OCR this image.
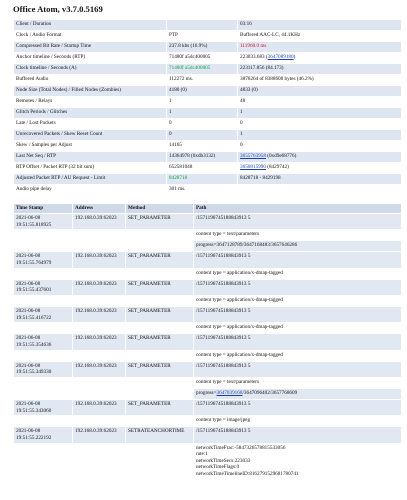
Office Atom, v3.7.0.5169
Client / Duration		03:16
Clock / Audio Format	PTP	Buffered AAC-LC, 44.1KHz
Compressed Bit Rate / Startup Time	237.8 kbs (16.9%)	111960.0 ms
Anchor timeline / Seconds (RTP)	71480f a5dc400005	223033.683 (3647089180)
Clock timeline / Seconds (A)	71480f a5dc400005	223117.856 (84.173)
Buffered Audio	112272 ms.	3876264 of 8388608 bytes (46.2%)
Node Size (Total Nodes) / Filled Nodes (Zombies)	4180 (0)	4833 (0)
Remotes / Relays	1	48
Glitch Periods / Glitches	1	1
Late / Lost Packets	0	0
Unrecovered Packets / Skew Reset Count	0	1
Skew / Samples per Adjust	14165	0
Last Net Seq / RTP	14364978 (0xdb3132)	3655763958 (0xd9e68776)
RTP Offset / Packet RTP (32 bit sum)	652581048	3650815990 (8429742)
Adjusted Packet RTP / AU Request - Limit	8428718	8428718 - 8429198
Audio pipe delay	301 ms.	
Time Stamp	Address	Method	Path

2021-06-08
19:51:55.818925	192.168.0.39:62023	SET_PARAMETER	/1571196745188843913 5
			content type = text/parameters
			progress=3647128789/3647168483/3657646286

2021-06-08
19:51:55.764979	192.168.0.39:62023	SET_PARAMETER	/1571196745188843913 5
			content type = application/x-dmap-tagged

2021-06-08
19:51:55.437601	192.168.0.39:62023	SET_PARAMETER	/1571196745188843913 5
			content type = application/x-dmap-tagged

2021-06-08
19:51:55.416722	192.168.0.39:62023	SET_PARAMETER	/1571196745188843913 5
			content type = application/x-dmap-tagged

2021-06-08
19:51:55.354636	192.168.0.39:62023	SET_PARAMETER	/1571196745188843913 5
			content type = application/x-dmap-tagged

2021-06-08
19:51:55.349330	192.168.0.39:62023	SET_PARAMETER	/1571196745188843913 5
			content type = text/parameters
			progress=3647039168/3647096402/3657768609

2021-06-08
19:51:55.343060	192.168.0.39:62023	SET_PARAMETER	/1571196745188843913 5
			content type = image/jpeg

2021-06-08
19:51:55.222192	192.168.0.39:62023	SETRATEANCHORTIME	/1571196745188843913 5

			networkTimeFrac:-5847326578815533056
rate:1
networkTimeSecs:223033
networkTimeFlags:0
networkTimeTimelineID:8162791529681780741
